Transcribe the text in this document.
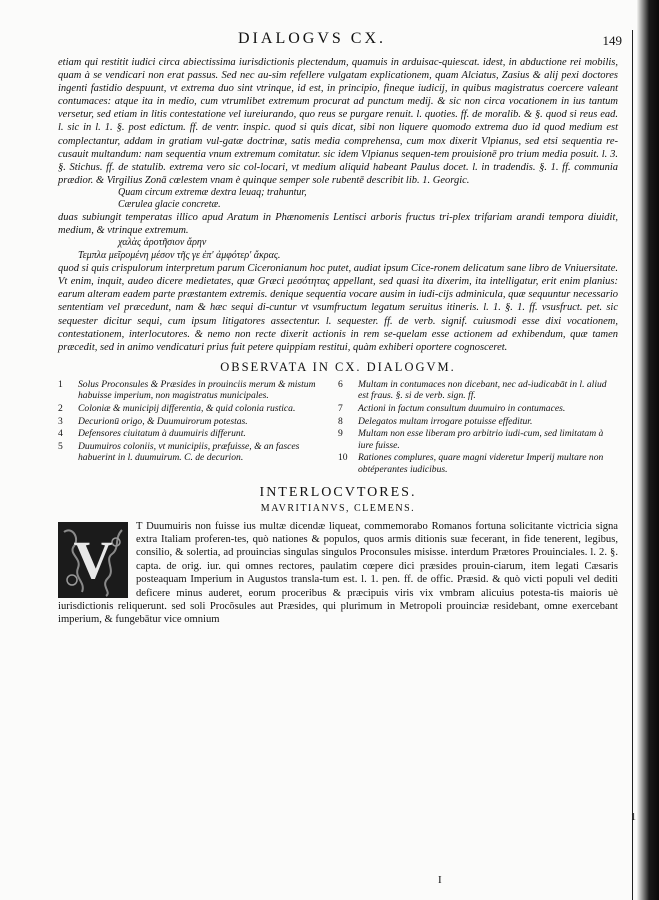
DIALOGVS CX.	149

etiam qui restitit iudici circa abiectissima iurisdictionis plectendum, quamuis in arduisac-quiescat. idest, in abductione rei mobilis, quam à se vendicari non erat passus. Sed nec au-sim refellere vulgatam explicationem, quam Alciatus, Zasius & alij pexi doctores ingenti fastidio despuunt, vt extrema duo sint vtrinque, id est, in principio, fineque iudicij, in quibus magistratus coercere valeant contumaces: atque ita in medio, cum vtrumlibet extremum procurat ad punctum medij. & sic non circa vocationem in ius tantum versetur, sed etiam in litis contestatione vel iureiurando, quo reus se purgare renuit. l. quoties. ff. de moralib. & §. quod si reus ead. l. sic in l. 1. §. post edictum. ff. de ventr. inspic. quod si quis dicat, sibi non liquere quomodo extrema duo id quod medium est complectantur, addam in gratiam vul-gatæ doctrinæ, satis media comprehensa, cum mox dixerit Vlpianus, sed etsi sequentia re-cusauit multandum: nam sequentia vnum extremum comitatur. sic idem Vlpianus sequen-tem prouisionē pro trium media posuit. l. 3. §. Stichus. ff. de statulib. extrema vero sic col-locari, vt medium aliquid habeant Paulus docet. l. in tradendis. §. 1. ff. communia prædior. & Virgilius Zonā cœlestem vnam è quinque semper sole rubentē describit lib. 1. Georgic.

Quam circum extremæ dextra leuaq; trahuntur,
Cærulea glacie concretæ.

duas subiungit temperatas illico apud Aratum in Phænomenis Lentisci arboris fructus tri-plex trifariam arandi tempora diuidit, medium, & vtrinque extremum.

χαλὰς ἀροτῆσιον ἄρην
Τεμπλα μεῖρομένη μέσον τῆς γε ἐπ' ἀμφότερ' ἄκρας.

quod si quis crispulorum interpretum parum Ciceronianum hoc putet, audiat ipsum Cice-ronem delicatum sane libro de Vniuersitate. Vt enim, inquit, audeo dicere medietates, quæ Græci μεσότητας appellant, sed quasi ita dixerim, ita intelligatur, erit enim planius: earum alteram eadem parte præstantem extremis. denique sequentia vocare ausim in iudi-cijs adminicula, quæ sequuntur necessario sententiam vel præcedunt, nam & hæc sequi di-cuntur vt vsumfructum legatum seruitus itineris. l. 1. §. 1. ff. vsusfruct. pet. sic sequester dicitur sequi, cum ipsum litigatores assectentur. l. sequester. ff. de verb. signif. cuiusmodi esse dixi vocationem, contestationem, interlocutores. & nemo non recte dixerit actionis in rem se-quelam esse actionem ad exhibendum, quæ tamen præcedit, sed in animo vendicaturi prius fuit petere quippiam restitui, quàm exhiberi oportere cognosceret.

OBSERVATA IN CX. DIALOGVM.
1	Solus Proconsules & Præsides in prouinciis merum & mistum habuisse imperium, non magistratus municipales.
2	Coloniæ & municipij differentia, & quid colonia rustica.
3	Decurionū origo, & Duumuirorum potestas.
4	Defensores ciuitatum à duumuiris differunt.
5	Duumuiros coloniis, vt municipiis, præfuisse, & an fasces habuerint in l. duumuirum. C. de decurion.
6	Multam in contumaces non dicebant, nec ad-iudicabāt in l. aliud est fraus. §. si de verb. sign. ff.
7	Actioni in factum consultum duumuiro in contumaces.
8	Delegatos multam irrogare potuisse effeditur.
9	Multam non esse liberam pro arbitrio iudi-cum, sed limitatam à iure fuisse.
10	Rationes complures, quare magni videretur Imperij multare non obtéperantes iudicibus.
INTERLOCVTORES.
MAVRITIANVS, CLEMENS.
V

T Duumuiris non fuisse ius multæ dicendæ liqueat, commemorabo Romanos fortuna solicitante victricia signa extra Italiam proferen-tes, quò nationes & populos, quos armis ditionis suæ fecerant, in fide tenerent, legibus, consilio, & solertia, ad prouincias singulas singulos Proconsules misisse. interdum Prætores Prouinciales. l. 2. §. capta. de orig. iur. qui omnes rectores, paulatim cœpere dici præsides prouin-ciarum, item legati Cæsaris posteaquam Imperium in Augustos transla-tum est. l. 1. pen. ff. de offic. Præsid. & quò victi populi vel dediti deficere minus auderet, eorum proceribus & præcipuis viris vix vmbram alicuius potesta-tis maioris uè iurisdictionis reliquerunt. sed soli Procõsules aut Præsides, qui plurimum in Metropoli prouinciæ residebant, omne exercebant imperium, & fungebātur vice omnium

1
I
